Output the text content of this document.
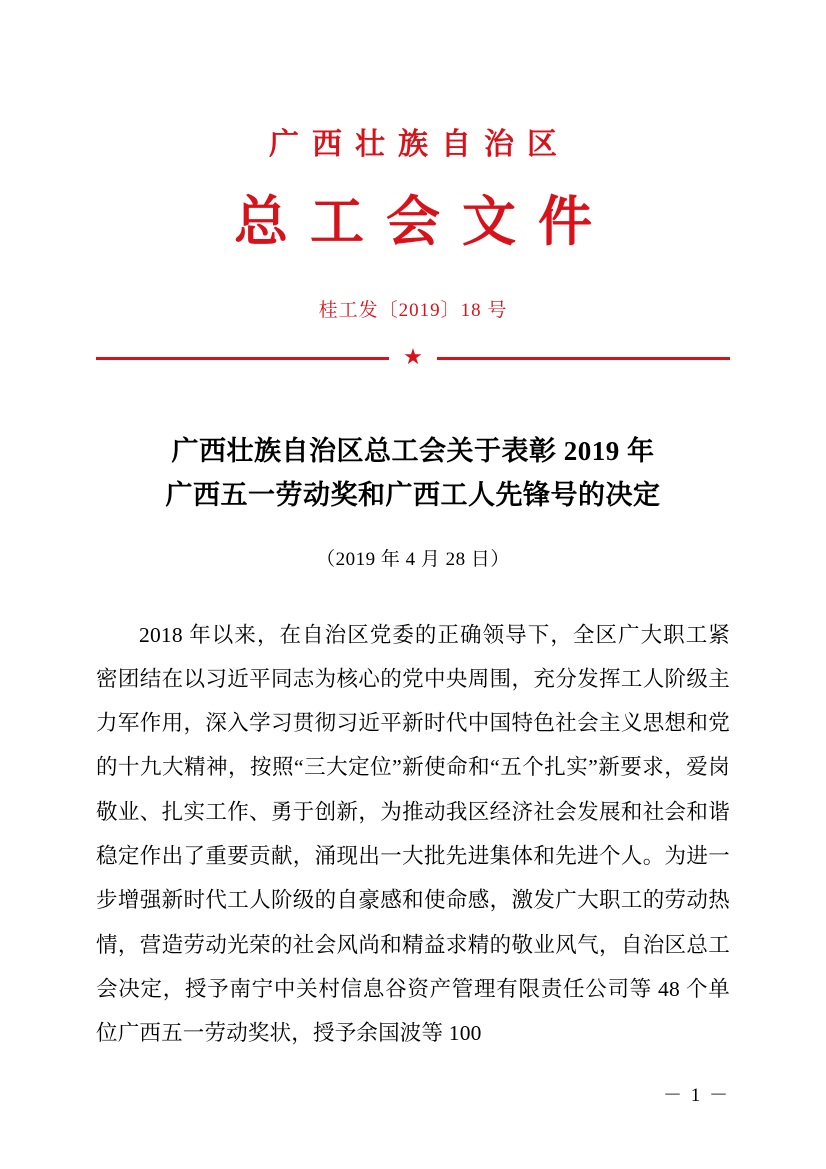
广西壮族自治区
总工会文件
桂工发〔2019〕18 号
★
广西壮族自治区总工会关于表彰 2019 年
广西五一劳动奖和广西工人先锋号的决定
（2019 年 4 月 28 日）

2018 年以来，在自治区党委的正确领导下，全区广大职工紧密团结在以习近平同志为核心的党中央周围，充分发挥工人阶级主力军作用，深入学习贯彻习近平新时代中国特色社会主义思想和党的十九大精神，按照“三大定位”新使命和“五个扎实”新要求，爱岗敬业、扎实工作、勇于创新，为推动我区经济社会发展和社会和谐稳定作出了重要贡献，涌现出一大批先进集体和先进个人。为进一步增强新时代工人阶级的自豪感和使命感，激发广大职工的劳动热情，营造劳动光荣的社会风尚和精益求精的敬业风气，自治区总工会决定，授予南宁中关村信息谷资产管理有限责任公司等 48 个单位广西五一劳动奖状，授予余国波等 100

－ 1 －
